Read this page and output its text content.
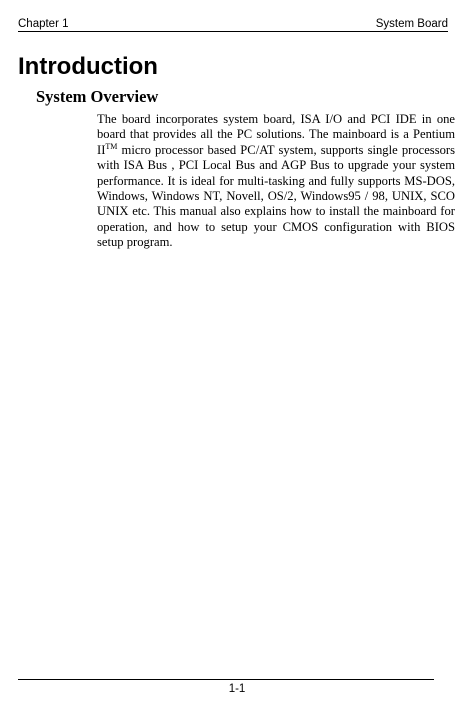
Chapter 1	System Board
Introduction
System Overview

The board incorporates system board, ISA I/O and PCI IDE in one board that provides all the PC solutions. The mainboard is a Pentium II™ micro processor based PC/AT system, supports single processors with ISA Bus , PCI Local Bus and AGP Bus to upgrade your system performance. It is ideal for multi-tasking and fully supports MS-DOS, Windows, Windows NT, Novell, OS/2, Windows95 / 98, UNIX, SCO UNIX etc. This manual also explains how to install the mainboard for operation, and how to setup your CMOS configuration with BIOS setup program.

1-1
